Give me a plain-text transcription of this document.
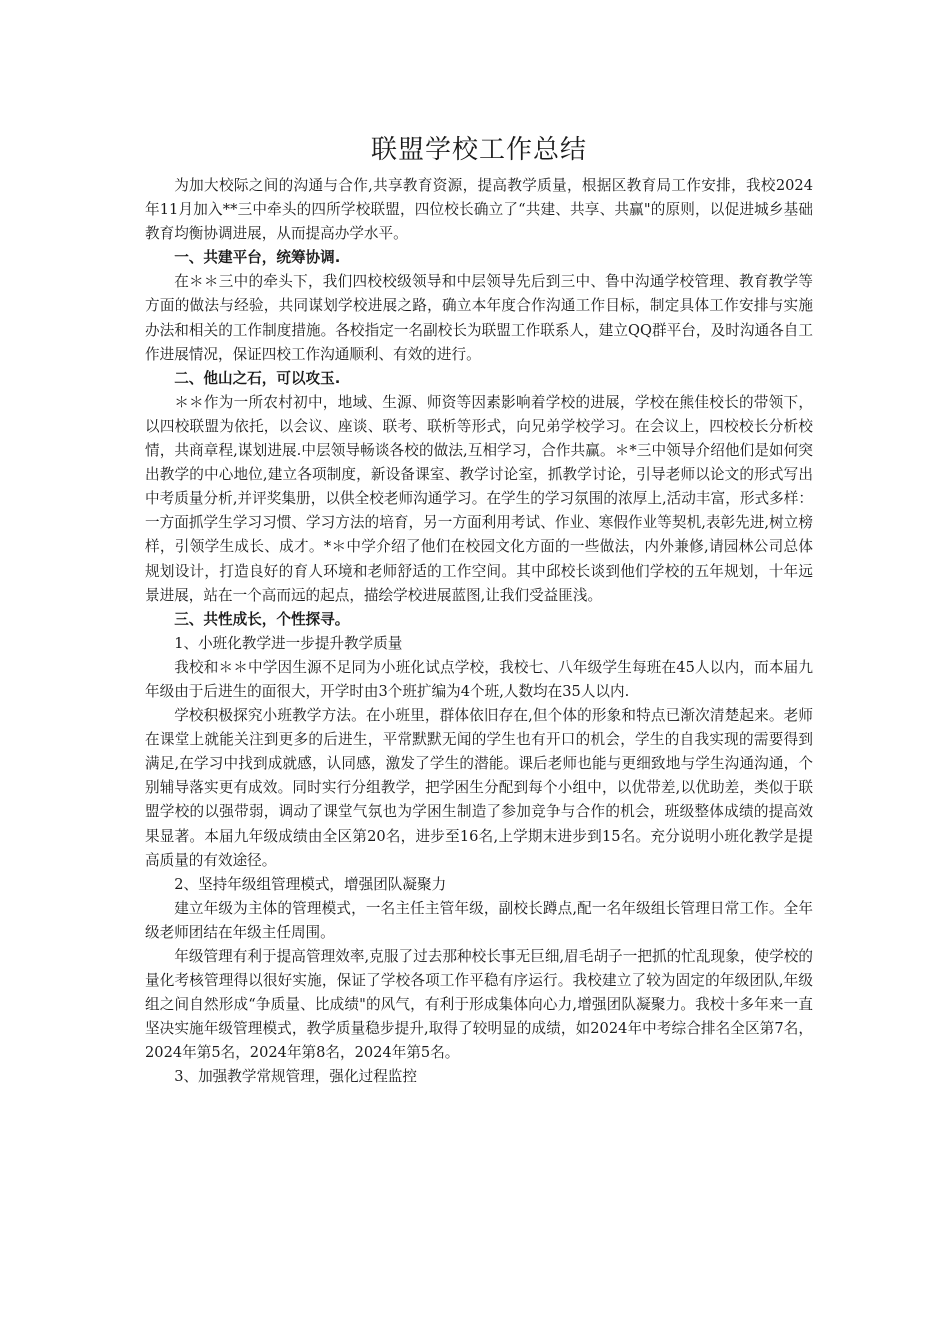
联盟学校工作总结

为加大校际之间的沟通与合作,共享教育资源，提高教学质量，根据区教育局工作安排，我校2024年11月加入**三中牵头的四所学校联盟，四位校长确立了“共建、共享、共赢"的原则，以促进城乡基础教育均衡协调进展，从而提高办学水平。

一、共建平台，统筹协调.

在＊＊三中的牵头下，我们四校校级领导和中层领导先后到三中、鲁中沟通学校管理、教育教学等方面的做法与经验，共同谋划学校进展之路，确立本年度合作沟通工作目标，制定具体工作安排与实施办法和相关的工作制度措施。各校指定一名副校长为联盟工作联系人，建立QQ群平台，及时沟通各自工作进展情况，保证四校工作沟通顺利、有效的进行。

二、他山之石，可以攻玉.

＊＊作为一所农村初中，地域、生源、师资等因素影响着学校的进展，学校在熊佳校长的带领下，以四校联盟为依托，以会议、座谈、联考、联析等形式，向兄弟学校学习。在会议上，四校校长分析校情，共商章程,谋划进展.中层领导畅谈各校的做法,互相学习，合作共赢。＊*三中领导介绍他们是如何突出教学的中心地位,建立各项制度，新设备课室、教学讨论室，抓教学讨论，引导老师以论文的形式写出中考质量分析,并评奖集册，以供全校老师沟通学习。在学生的学习氛围的浓厚上,活动丰富，形式多样：一方面抓学生学习习惯、学习方法的培育，另一方面利用考试、作业、寒假作业等契机,表彰先进,树立榜样，引领学生成长、成才。*＊中学介绍了他们在校园文化方面的一些做法，内外兼修,请园林公司总体规划设计，打造良好的育人环境和老师舒适的工作空间。其中邱校长谈到他们学校的五年规划，十年远景进展，站在一个高而远的起点，描绘学校进展蓝图,让我们受益匪浅。

三、共性成长，个性探寻。

1、小班化教学进一步提升教学质量

我校和＊＊中学因生源不足同为小班化试点学校，我校七、八年级学生每班在45人以内，而本届九年级由于后进生的面很大，开学时由3个班扩编为4个班,人数均在35人以内.

学校积极探究小班教学方法。在小班里，群体依旧存在,但个体的形象和特点已渐次清楚起来。老师在课堂上就能关注到更多的后进生，平常默默无闻的学生也有开口的机会，学生的自我实现的需要得到满足,在学习中找到成就感，认同感，激发了学生的潜能。课后老师也能与更细致地与学生沟通沟通，个别辅导落实更有成效。同时实行分组教学，把学困生分配到每个小组中，以优带差,以优助差，类似于联盟学校的以强带弱，调动了课堂气氛也为学困生制造了参加竞争与合作的机会，班级整体成绩的提高效果显著。本届九年级成绩由全区第20名，进步至16名,上学期末进步到15名。充分说明小班化教学是提高质量的有效途径。

2、坚持年级组管理模式，增强团队凝聚力

建立年级为主体的管理模式，一名主任主管年级，副校长蹲点,配一名年级组长管理日常工作。全年级老师团结在年级主任周围。

年级管理有利于提高管理效率,克服了过去那种校长事无巨细,眉毛胡子一把抓的忙乱现象，使学校的量化考核管理得以很好实施，保证了学校各项工作平稳有序运行。我校建立了较为固定的年级团队,年级组之间自然形成“争质量、比成绩"的风气，有利于形成集体向心力,增强团队凝聚力。我校十多年来一直坚决实施年级管理模式，教学质量稳步提升,取得了较明显的成绩，如2024年中考综合排名全区第7名，2024年第5名，2024年第8名，2024年第5名。

3、加强教学常规管理，强化过程监控
